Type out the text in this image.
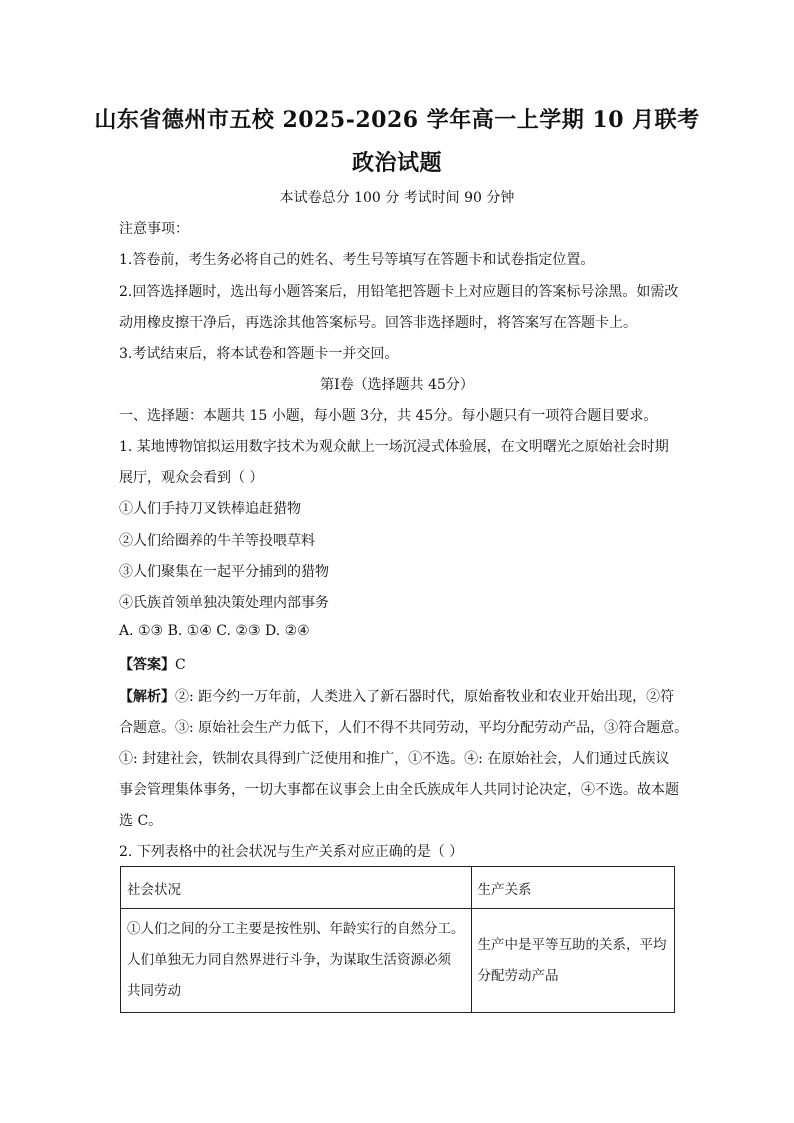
山东省德州市五校 2025-2026 学年高一上学期 10 月联考
政治试题
本试卷总分 100 分 考试时间 90 分钟
注意事项：
1.答卷前，考生务必将自己的姓名、考生号等填写在答题卡和试卷指定位置。
2.回答选择题时，选出每小题答案后，用铅笔把答题卡上对应题目的答案标号涂黑。如需改
动用橡皮擦干净后，再选涂其他答案标号。回答非选择题时，将答案写在答题卡上。
3.考试结束后，将本试卷和答题卡一并交回。
第Ⅰ卷（选择题共 45分）
一、选择题：本题共 15 小题，每小题 3分，共 45分。每小题只有一项符合题目要求。
1. 某地博物馆拟运用数字技术为观众献上一场沉浸式体验展，在文明曙光之原始社会时期
展厅，观众会看到（ ）
①人们手持刀叉铁棒追赶猎物
②人们给圈养的牛羊等投喂草料
③人们聚集在一起平分捕到的猎物
④氏族首领单独决策处理内部事务
A. ①③ B. ①④ C. ②③ D. ②④
【答案】C
【解析】②: 距今约一万年前，人类进入了新石器时代，原始畜牧业和农业开始出现，②符
合题意。③: 原始社会生产力低下，人们不得不共同劳动，平均分配劳动产品，③符合题意。
①: 封建社会，铁制农具得到广泛使用和推广，①不选。④: 在原始社会，人们通过氏族议
事会管理集体事务，一切大事都在议事会上由全氏族成年人共同讨论决定，④不选。故本题
选 C。
2. 下列表格中的社会状况与生产关系对应正确的是（ ）
社会状况	生产关系

①人们之间的分工主要是按性别、年龄实行的自然分工。
人们单独无力同自然界进行斗争，为谋取生活资源必须
共同劳动	生产中是平等互助的关系，平均
分配劳动产品
